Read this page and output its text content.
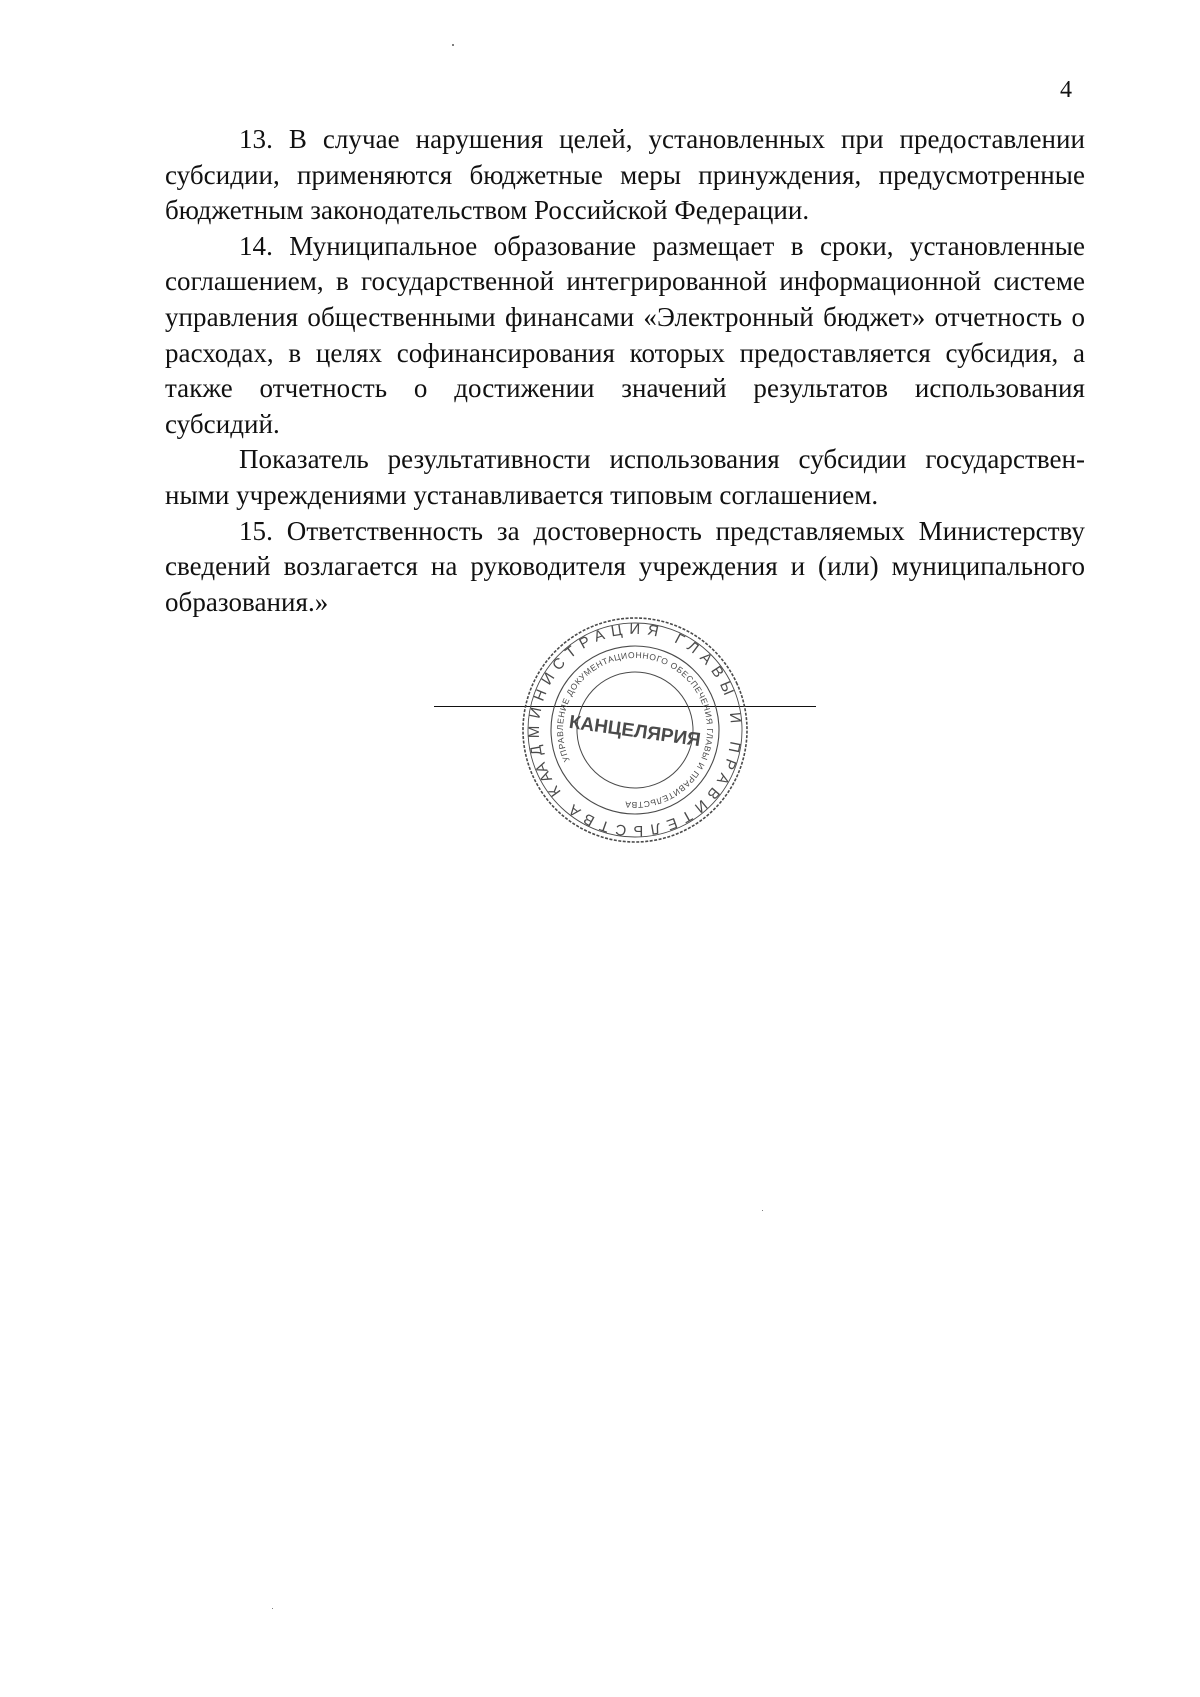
4

13. В случае нарушения целей, установленных при предоставлении субсидии, применяются бюджетные меры принуждения, предусмотренные бюджетным законодательством Российской Федерации.

14. Муниципальное образование размещает в сроки, установленные соглашением, в государственной интегрированной информационной системе управления общественными финансами «Электронный бюджет» отчетность о расходах, в целях софинансирования которых предоставляется субсидия, а также отчетность о достижении значений результатов использования субсидий.

Показатель результативности использования субсидии государственными учреждениями устанавливается типовым соглашением.

15. Ответственность за достоверность представляемых Министерству сведений возлагается на руководителя учреждения и (или) муниципального образования.»

АДМИНИСТРАЦИЯ ГЛАВЫ И ПРАВИТЕЛЬСТВА КАРАЧАЕВО-ЧЕРКЕССКОЙ
УПРАВЛЕНИЕ ДОКУМЕНТАЦИОННОГО ОБЕСПЕЧЕНИЯ ГЛАВЫ И ПРАВИТЕЛЬСТВА
КАНЦЕЛЯРИЯ
